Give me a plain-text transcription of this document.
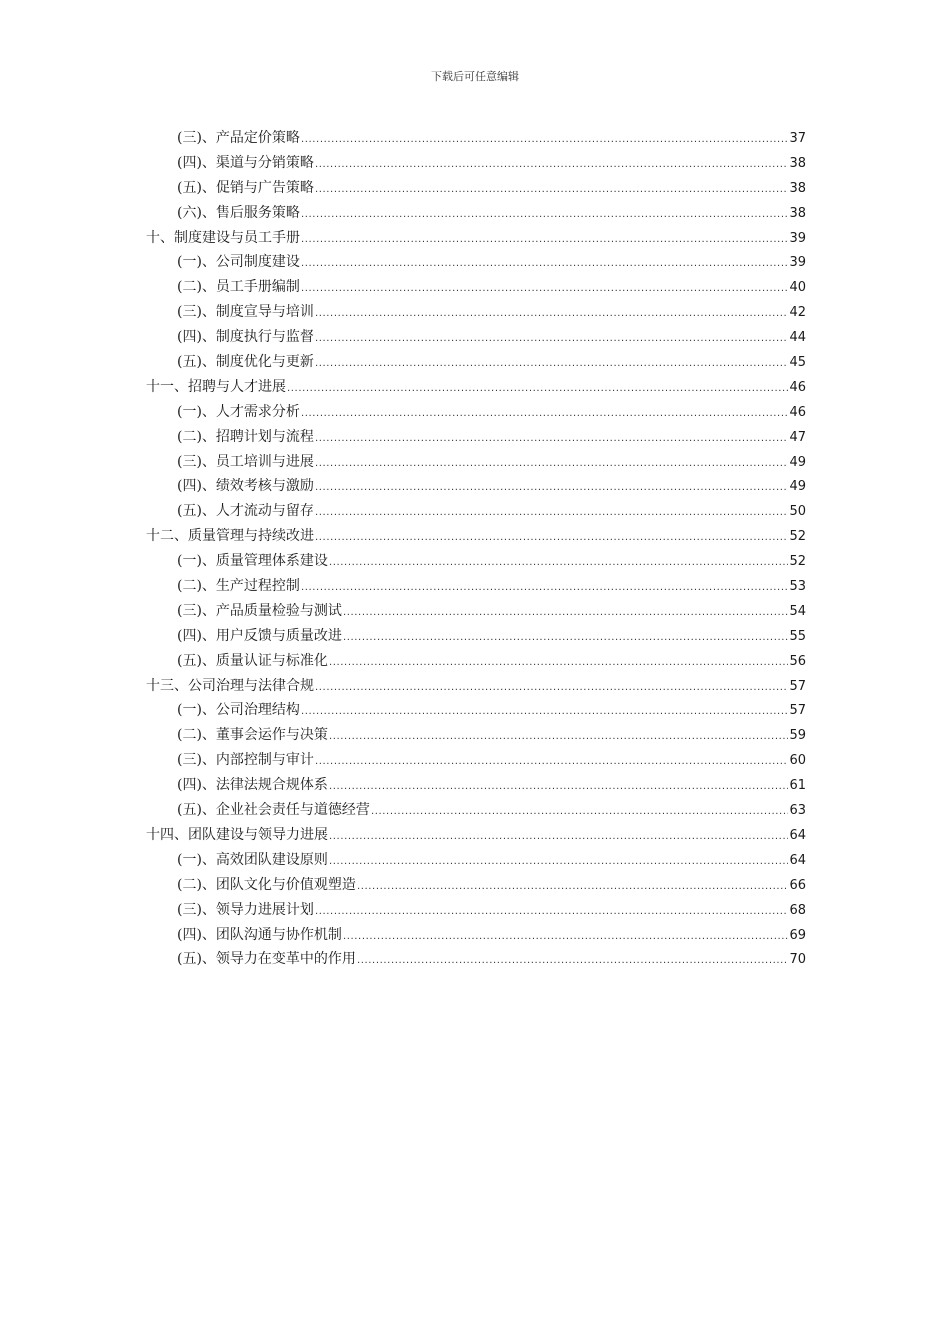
下载后可任意编辑
(三)、产品定价策略 .....	37
(四)、渠道与分销策略 .....	38
(五)、促销与广告策略 .....	38
(六)、售后服务策略 .....	38
十、制度建设与员工手册 .....	39
(一)、公司制度建设 .....	39
(二)、员工手册编制 .....	40
(三)、制度宣导与培训 .....	42
(四)、制度执行与监督 .....	44
(五)、制度优化与更新 .....	45
十一、招聘与人才进展 .....	46
(一)、人才需求分析 .....	46
(二)、招聘计划与流程 .....	47
(三)、员工培训与进展 .....	49
(四)、绩效考核与激励 .....	49
(五)、人才流动与留存 .....	50
十二、质量管理与持续改进 .....	52
(一)、质量管理体系建设 .....	52
(二)、生产过程控制 .....	53
(三)、产品质量检验与测试 .....	54
(四)、用户反馈与质量改进 .....	55
(五)、质量认证与标准化 .....	56
十三、公司治理与法律合规 .....	57
(一)、公司治理结构 .....	57
(二)、董事会运作与决策 .....	59
(三)、内部控制与审计 .....	60
(四)、法律法规合规体系 .....	61
(五)、企业社会责任与道德经营 .....	63
十四、团队建设与领导力进展 .....	64
(一)、高效团队建设原则 .....	64
(二)、团队文化与价值观塑造 .....	66
(三)、领导力进展计划 .....	68
(四)、团队沟通与协作机制 .....	69
(五)、领导力在变革中的作用 .....	70
